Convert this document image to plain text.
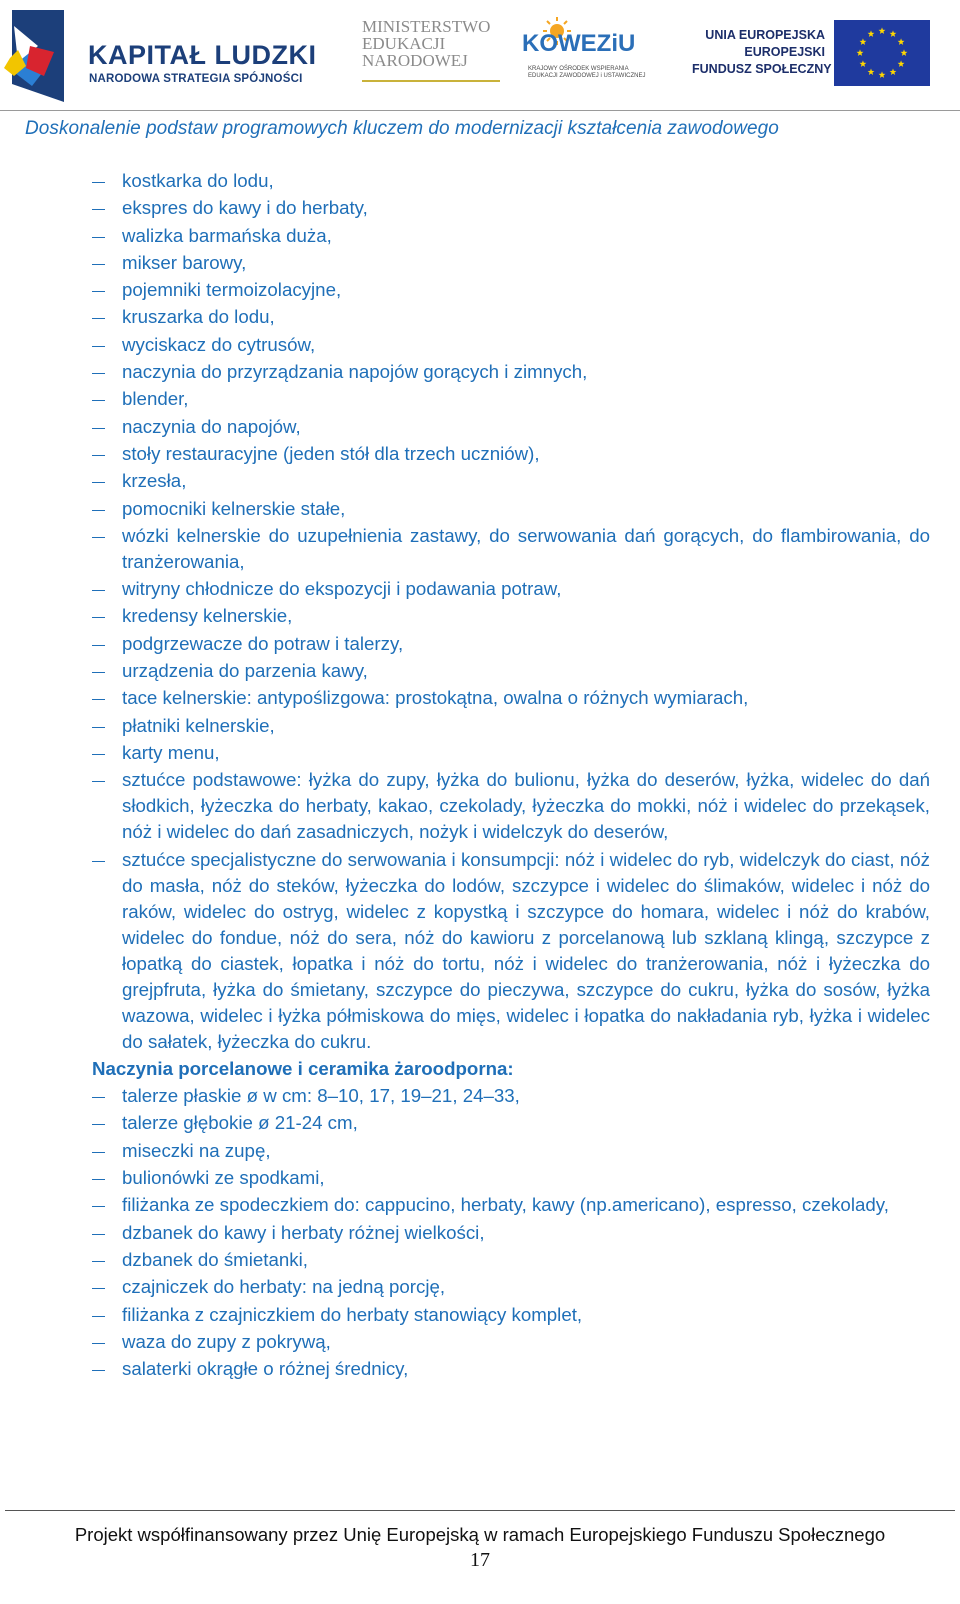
KAPITAŁ LUDZKI
NARODOWA STRATEGIA SPÓJNOŚCI
MINISTERSTWO
EDUKACJI
NARODOWEJ
KOWEZiU
KRAJOWY OŚRODEK WSPIERANIA
EDUKACJI ZAWODOWEJ i USTAWICZNEJ
UNIA EUROPEJSKA
EUROPEJSKI
FUNDUSZ SPOŁECZNY
Doskonalenie podstaw programowych kluczem do modernizacji kształcenia zawodowego
kostkarka do lodu,
ekspres do kawy i do herbaty,
walizka barmańska duża,
mikser barowy,
pojemniki termoizolacyjne,
kruszarka do lodu,
wyciskacz do cytrusów,
naczynia do przyrządzania napojów gorących i zimnych,
blender,
naczynia do napojów,
stoły restauracyjne (jeden stół dla trzech uczniów),
krzesła,
pomocniki kelnerskie stałe,
wózki kelnerskie do uzupełnienia zastawy, do serwowania dań gorących, do flambirowania, do tranżerowania,
witryny chłodnicze do ekspozycji i podawania potraw,
kredensy kelnerskie,
podgrzewacze do potraw i talerzy,
urządzenia do parzenia kawy,
tace kelnerskie: antypoślizgowa: prostokątna, owalna o różnych wymiarach,
płatniki kelnerskie,
karty menu,
sztućce podstawowe: łyżka do zupy, łyżka do bulionu, łyżka do deserów, łyżka, widelec do dań słodkich, łyżeczka do herbaty, kakao, czekolady, łyżeczka do mokki, nóż i widelec do przekąsek, nóż i widelec do dań zasadniczych, nożyk i widelczyk do deserów,
sztućce specjalistyczne do serwowania i konsumpcji: nóż i widelec do ryb, widelczyk do ciast, nóż do masła, nóż do steków, łyżeczka do lodów, szczypce i widelec do ślimaków, widelec i nóż do raków, widelec do ostryg, widelec z kopystką i szczypce do homara, widelec i nóż do krabów, widelec do fondue, nóż do sera, nóż do kawioru z porcelanową lub szklaną klingą, szczypce z łopatką do ciastek, łopatka i nóż do tortu, nóż i widelec do tranżerowania, nóż i łyżeczka do grejpfruta, łyżka do śmietany, szczypce do pieczywa, szczypce do cukru, łyżka do sosów, łyżka wazowa, widelec i łyżka półmiskowa do mięs, widelec i łopatka do nakładania ryb, łyżka i widelec do sałatek, łyżeczka do cukru.
Naczynia porcelanowe i ceramika żaroodporna:
talerze płaskie ø w cm: 8–10, 17, 19–21, 24–33,
talerze głębokie ø 21-24 cm,
miseczki na zupę,
bulionówki ze spodkami,
filiżanka ze spodeczkiem do: cappucino, herbaty, kawy (np.americano), espresso, czekolady,
dzbanek do kawy i herbaty różnej wielkości,
dzbanek do śmietanki,
czajniczek do herbaty: na jedną porcję,
filiżanka z czajniczkiem do herbaty stanowiący komplet,
waza do zupy z pokrywą,
salaterki okrągłe o różnej średnicy,
Projekt współfinansowany przez Unię Europejską w ramach Europejskiego Funduszu Społecznego
17
